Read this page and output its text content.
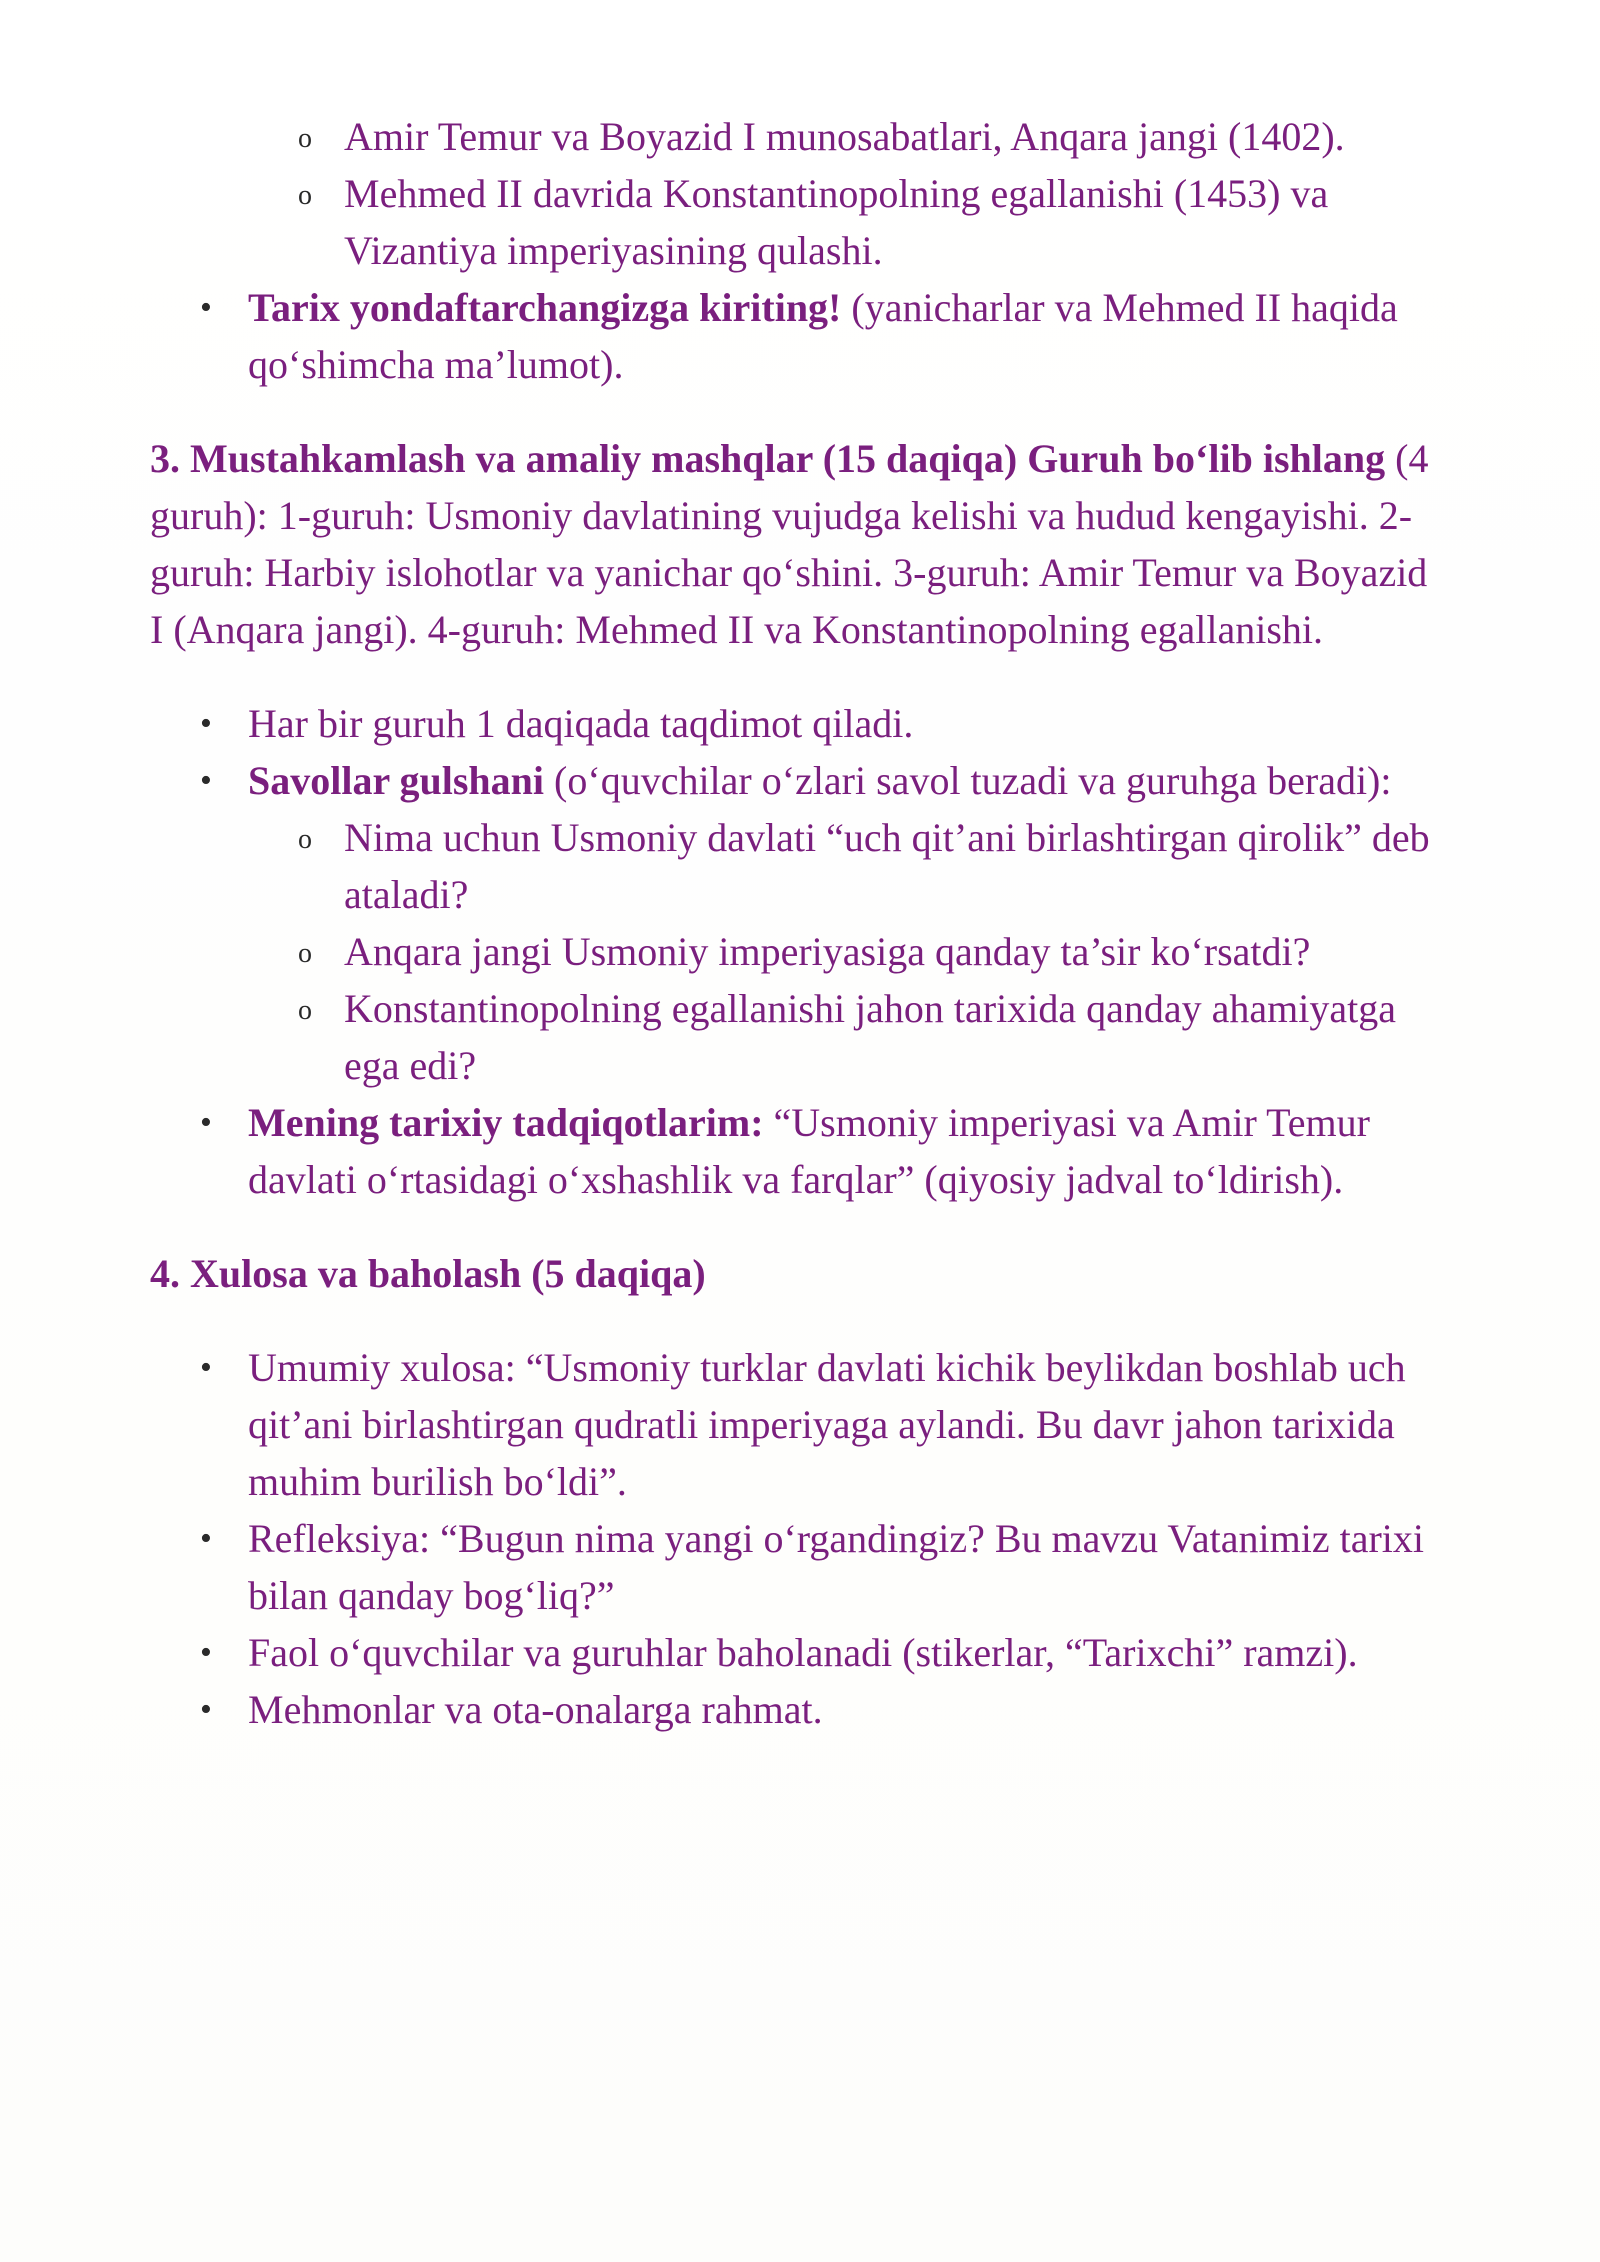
o Amir Temur va Boyazid I munosabatlari, Anqara jangi (1402).
o Mehmed II davrida Konstantinopolning egallanishi (1453) va Vizantiya imperiyasining qulashi.
• Tarix yondaftarchangizga kiriting! (yanicharlar va Mehmed II haqida qo‘shimcha ma’lumot).

3. Mustahkamlash va amaliy mashqlar (15 daqiqa) Guruh bo‘lib ishlang (4 guruh): 1-guruh: Usmoniy davlatining vujudga kelishi va hudud kengayishi. 2-guruh: Harbiy islohotlar va yanichar qo‘shini. 3-guruh: Amir Temur va Boyazid I (Anqara jangi). 4-guruh: Mehmed II va Konstantinopolning egallanishi.

• Har bir guruh 1 daqiqada taqdimot qiladi.
• Savollar gulshani (o‘quvchilar o‘zlari savol tuzadi va guruhga beradi):
o Nima uchun Usmoniy davlati “uch qit’ani birlashtirgan qirolik” deb ataladi?
o Anqara jangi Usmoniy imperiyasiga qanday ta’sir ko‘rsatdi?
o Konstantinopolning egallanishi jahon tarixida qanday ahamiyatga ega edi?
• Mening tarixiy tadqiqotlarim: “Usmoniy imperiyasi va Amir Temur davlati o‘rtasidagi o‘xshashlik va farqlar” (qiyosiy jadval to‘ldirish).

4. Xulosa va baholash (5 daqiqa)

• Umumiy xulosa: “Usmoniy turklar davlati kichik beylikdan boshlab uch qit’ani birlashtirgan qudratli imperiyaga aylandi. Bu davr jahon tarixida muhim burilish bo‘ldi”.
• Refleksiya: “Bugun nima yangi o‘rgandingiz? Bu mavzu Vatanimiz tarixi bilan qanday bog‘liq?”
• Faol o‘quvchilar va guruhlar baholanadi (stikerlar, “Tarixchi” ramzi).
• Mehmonlar va ota-onalarga rahmat.
